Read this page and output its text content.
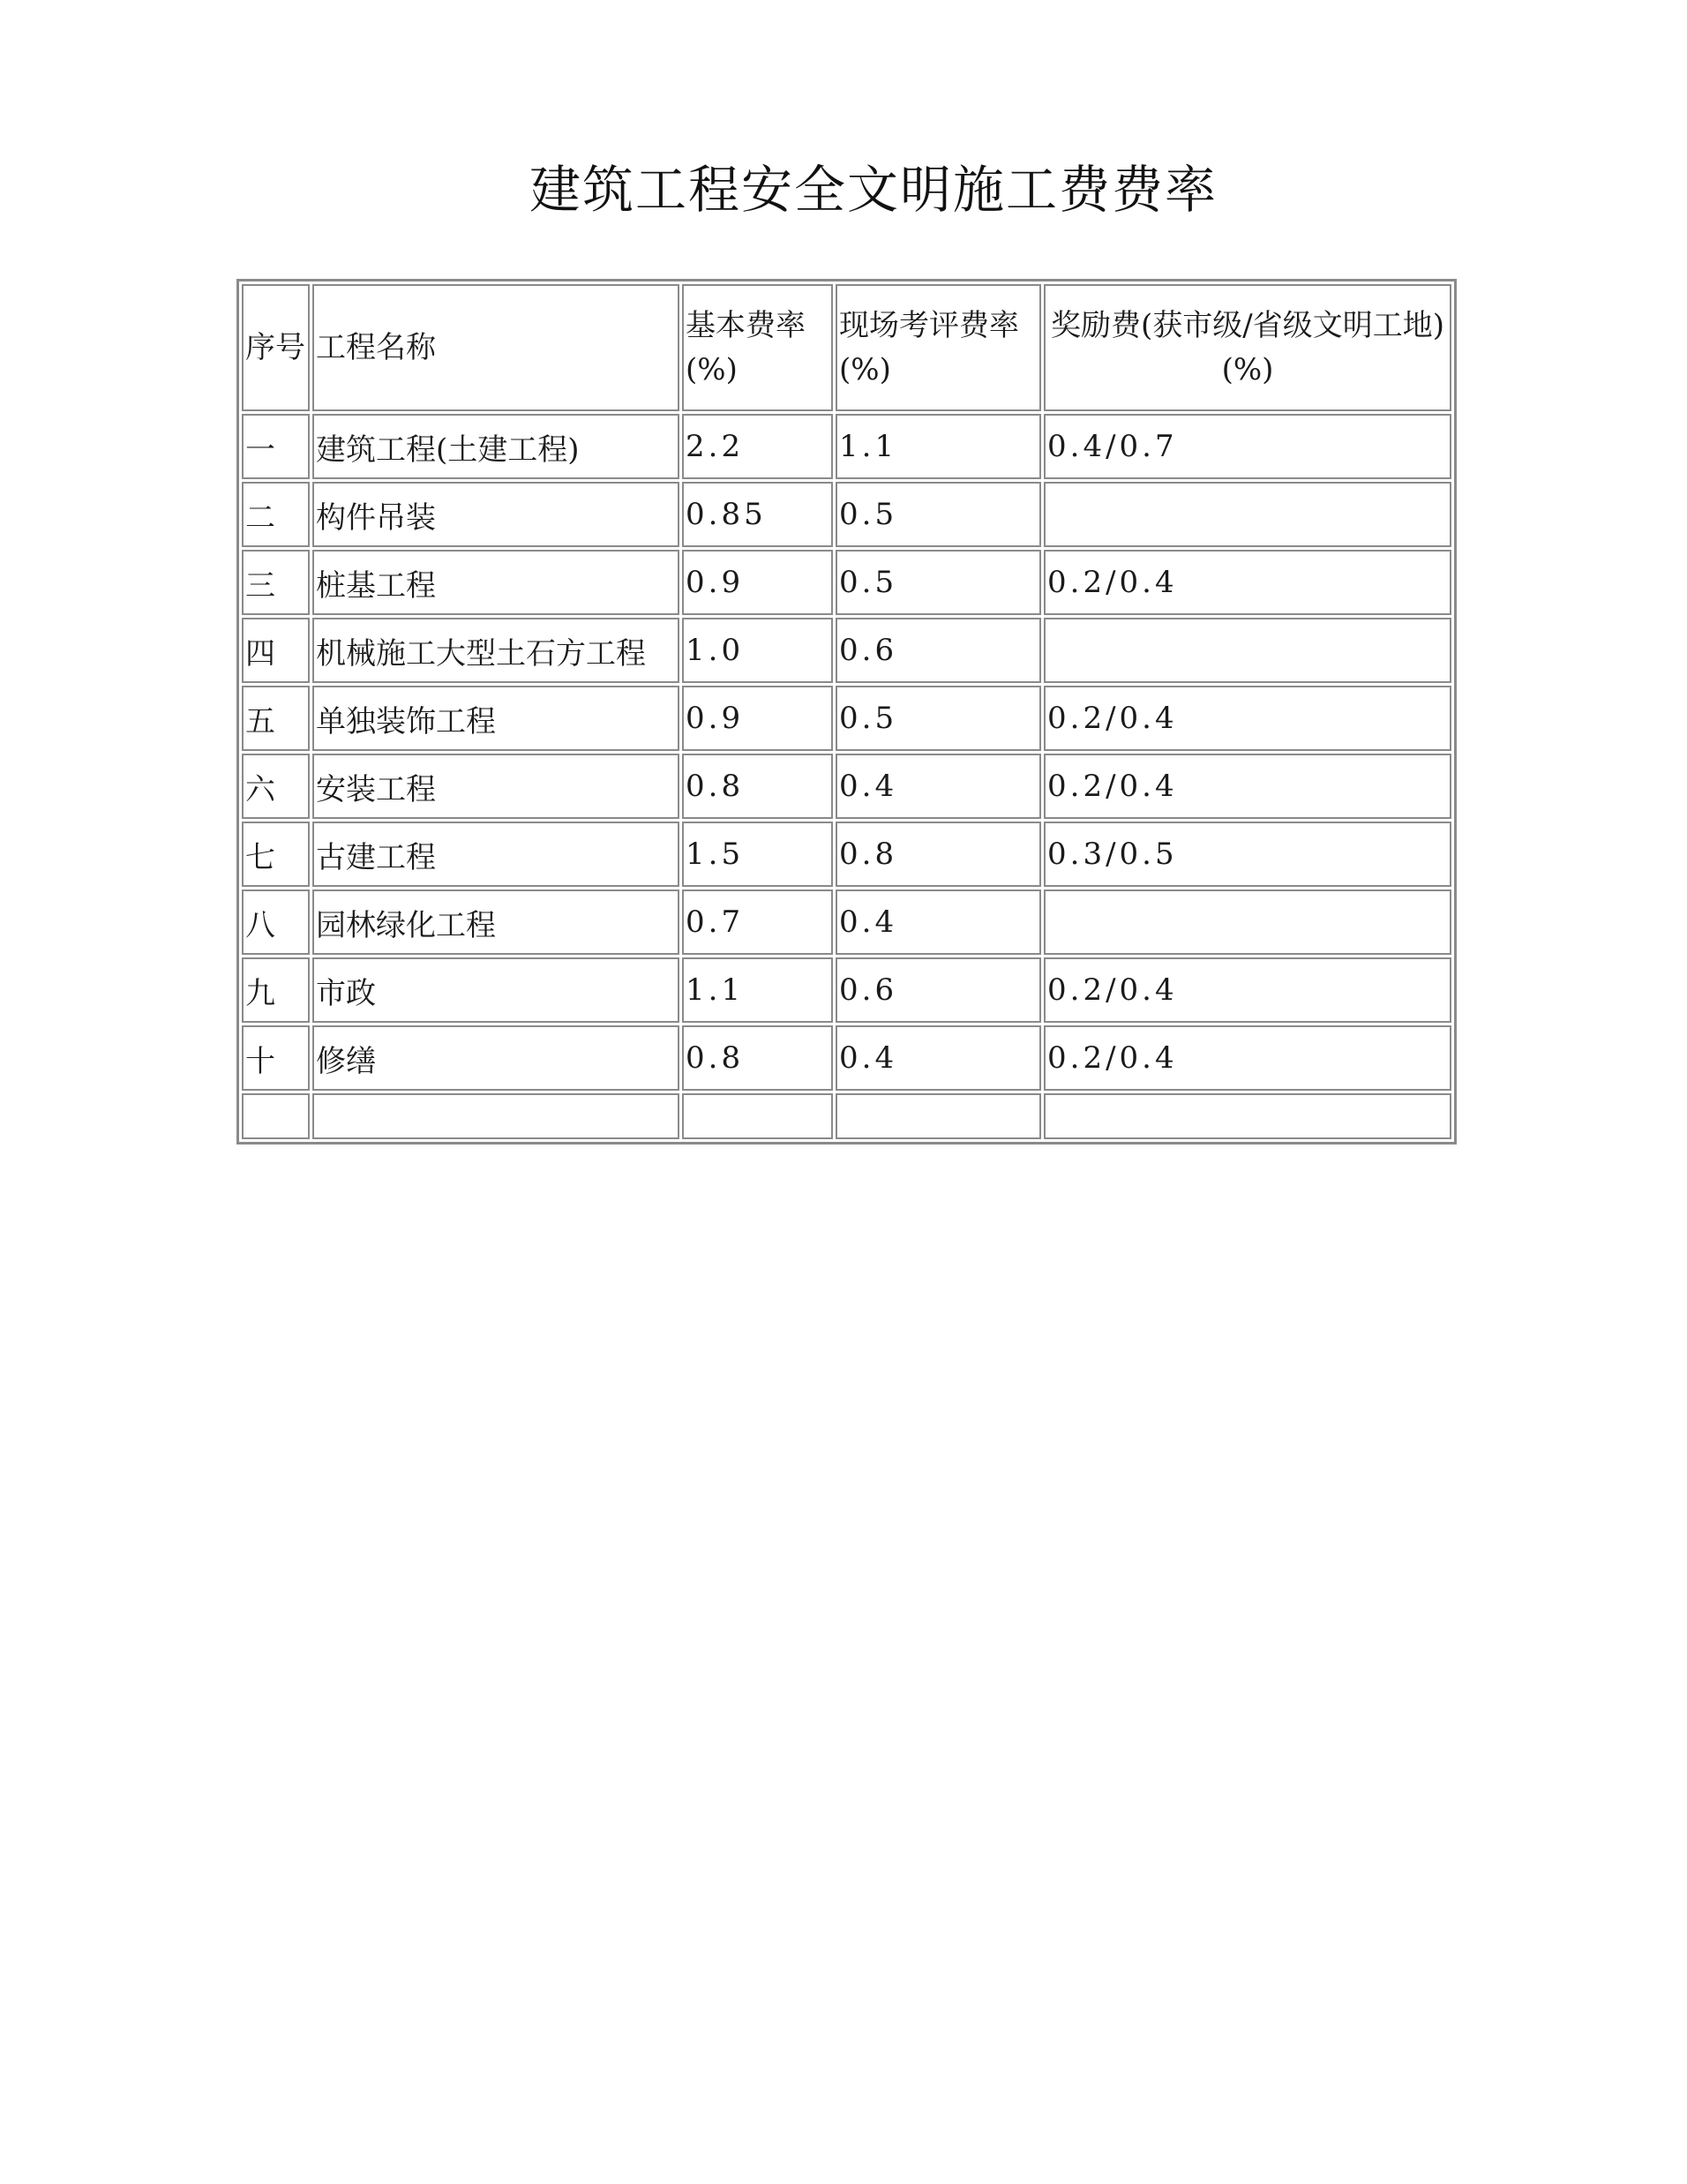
建筑工程安全文明施工费费率
序号	工程名称	基本费率(%)	现场考评费率(%)	奖励费(获市级/省级文明工地)(%)
一	建筑工程(土建工程)	2.2	1.1	0.4/0.7
二	构件吊装	0.85	0.5	
三	桩基工程	0.9	0.5	0.2/0.4
四	机械施工大型土石方工程	1.0	0.6	
五	单独装饰工程	0.9	0.5	0.2/0.4
六	安装工程	0.8	0.4	0.2/0.4
七	古建工程	1.5	0.8	0.3/0.5
八	园林绿化工程	0.7	0.4	
九	市政	1.1	0.6	0.2/0.4
十	修缮	0.8	0.4	0.2/0.4
